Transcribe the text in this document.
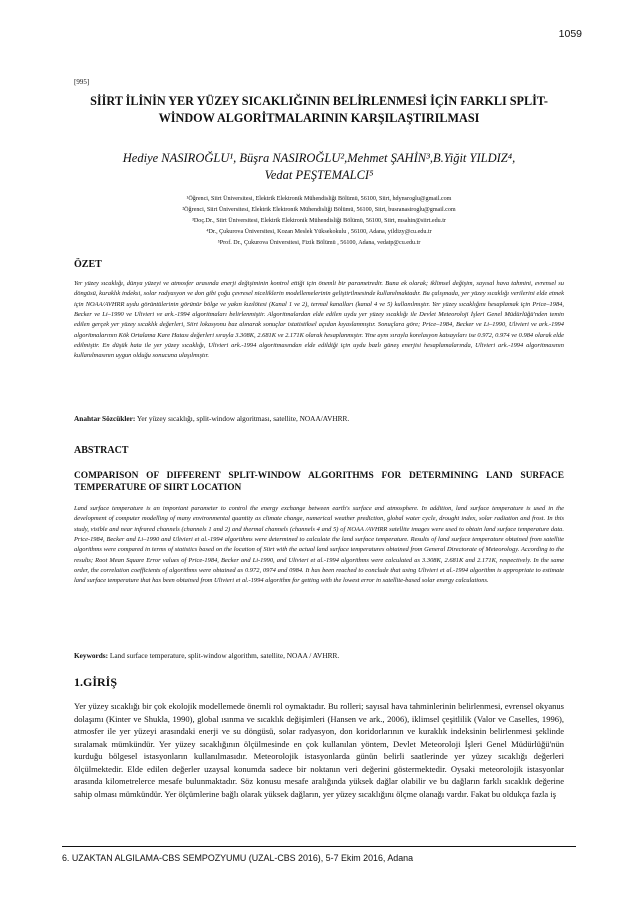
1059
[995]
SİİRT İLİNİN YER YÜZEY SICAKLIĞININ BELİRLENMESİ İÇİN FARKLI SPLİT-WİNDOW ALGORİTMALARININ KARŞILAŞTIRILMASI
Hediye NASIROĞLU¹, Büşra NASIROĞLU²,Mehmet ŞAHİN³,B.Yiğit YILDIZ⁴,
Vedat PEŞTEMALCI⁵
¹Öğrenci, Siirt Üniversitesi, Elektrik Elektronik Mühendisliği Bölümü, 56100, Siirt, hdynsroglu@gmail.com
²Öğrenci, Siirt Üniversitesi, Elektrik Elektronik Mühendisliği Bölümü, 56100, Siirt, busranasiroglu@gmail.com
³Doç.Dr., Siirt Üniversitesi, Elektrik Elektronik Mühendisliği Bölümü, 56100, Siirt, msahin@siirt.edu.tr
⁴Dr., Çukurova Üniversitesi, Kozan Meslek Yüksekokulu , 56100, Adana, yildizy@cu.edu.tr
⁵Prof. Dr., Çukurova Üniversitesi, Fizik Bölümü , 56100, Adana, vedatp@cu.edu.tr
ÖZET

Yer yüzey sıcaklığı, dünya yüzeyi ve atmosfer arasında enerji değişiminin kontrol ettiği için önemli bir parametredir. Buna ek olarak; iklimsel değişim, sayısal hava tahmini, evrensel su döngüsü, kuraklık indeksi, solar radyasyon ve don gibi çoğu çevresel niceliklerin modellemelerinin geliştirilmesinde kullanılmaktadır. Bu çalışmada, yer yüzey sıcaklığı verilerini elde etmek için NOAA/AVHRR uydu görüntülerinin görünür bölge ve yakın kızılötesi (Kanal 1 ve 2), termal kanalları (kanal 4 ve 5) kullanılmıştır. Yer yüzey sıcaklığını hesaplamak için Price–1984, Becker ve Li–1990 ve Ulivieri ve ark.-1994 algoritmaları belirlenmiştir. Algoritmalardan elde edilen uydu yer yüzey sıcaklığı ile Devlet Meteoroloji İşleri Genel Müdürlüğü'nden temin edilen gerçek yer yüzey sıcaklık değerleri, Siirt lokasyonu baz alınarak sonuçlar istatistiksel açıdan kıyaslanmıştır. Sonuçlara göre; Price–1984, Becker ve Li–1990, Ulivieri ve ark.-1994 algoritmalarının Kök Ortalama Kare Hatası değerleri sırayla 3.308K, 2.681K ve 2.171K olarak hesaplanmıştır. Yine aynı sırayla korelasyon katsayıları ise 0.972, 0.974 ve 0.984 olarak elde edilmiştir. En düşük hata ile yer yüzey sıcaklığı, Ulivieri ark.-1994 algoritmasından elde edildiği için uydu bazlı güneş enerjisi hesaplamalarında, Ulivieri ark.-1994 algoritmasının kullanılmasının uygun olduğu sonucuna ulaşılmıştır.

Anahtar Sözcükler: Yer yüzey sıcaklığı, split-window algoritması, satellite, NOAA/AVHRR.
ABSTRACT
COMPARISON OF DIFFERENT SPLIT-WINDOW ALGORITHMS FOR DETERMINING LAND SURFACE TEMPERATURE OF SIIRT LOCATION

Land surface temperature is an important parameter to control the energy exchange between earth's surface and atmosphere. In addition, land surface temperature is used in the development of computer modelling of many environmental quantity as climate change, numerical weather prediction, global water cycle, drought index, solar radiation and frost. In this study, visible and near infrared channels (channels 1 and 2) and thermal channels (channels 4 and 5) of NOAA /AVHRR satellite images were used to obtain land surface temperature data. Price-1984, Becker and Li–1990 and Ulivieri et al.-1994 algorithms were determined to calculate the land surface temperature. Results of land surface temperature obtained from satellite algorithms were compared in terms of statistics based on the location of Siirt with the actual land surface temperatures obtained from General Directorate of Meteorology. According to the results; Root Mean Square Error values of Price-1984, Becker and Li-1990, and Ulivieri et al.-1994 algorithms were calculated as 3.308K, 2.681K and 2.171K, respectively. In the same order, the correlation coefficients of algorithms were obtained as 0.972, 0974 and 0984. It has been reached to conclude that using Ulivieri et al.-1994 algorithm is appropriate to estimate land surface temperature that has been obtained from Ulivieri et al.-1994 algorithm for getting with the lowest error in satellite-based solar energy calculations.

Keywords: Land surface temperature, split-window algorithm, satellite, NOAA / AVHRR.
1.GİRİŞ

Yer yüzey sıcaklığı bir çok ekolojik modellemede önemli rol oymaktadır. Bu rolleri; sayısal hava tahminlerinin belirlenmesi, evrensel okyanus dolaşımı (Kinter ve Shukla, 1990), global ısınma ve sıcaklık değişimleri (Hansen ve ark., 2006), iklimsel çeşitlilik (Valor ve Caselles, 1996), atmosfer ile yer yüzeyi arasındaki enerji ve su döngüsü, solar radyasyon, don koridorlarının ve kuraklık indeksinin belirlenmesi şeklinde sıralamak mümkündür. Yer yüzey sıcaklığının ölçülmesinde en çok kullanılan yöntem, Devlet Meteoroloji İşleri Genel Müdürlüğü'nün kurduğu bölgesel istasyonların kullanılmasıdır. Meteorolojik istasyonlarda günün belirli saatlerinde yer yüzey sıcaklığı değerleri ölçülmektedir. Elde edilen değerler uzaysal konumda sadece bir noktanın veri değerini göstermektedir. Oysaki meteorolojik istasyonlar arasında kilometrelerce mesafe bulunmaktadır. Söz konusu mesafe aralığında yüksek dağlar olabilir ve bu dağların farklı sıcaklık değerine sahip olması mümkündür. Yer ölçümlerine bağlı olarak yüksek dağların, yer yüzey sıcaklığını ölçme olanağı vardır. Fakat bu oldukça fazla iş

6. UZAKTAN ALGILAMA-CBS SEMPOZYUMU (UZAL-CBS 2016), 5-7 Ekim 2016, Adana
